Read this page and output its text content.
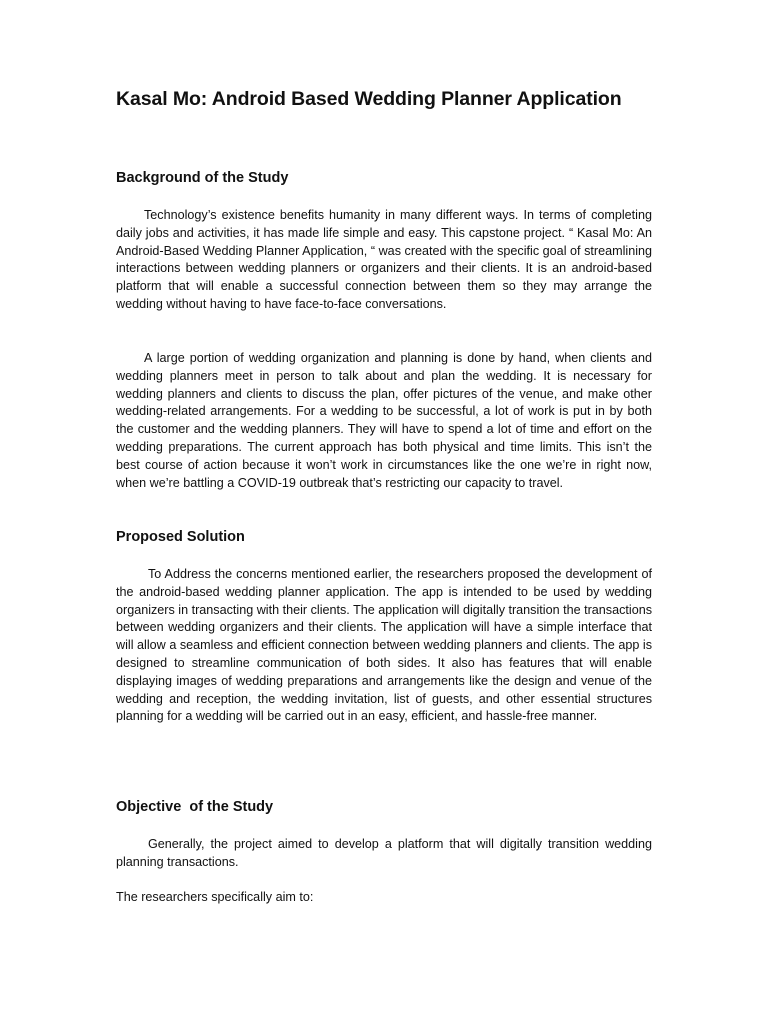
Kasal Mo: Android Based Wedding Planner Application
Background of the Study

Technology’s existence benefits humanity in many different ways. In terms of completing daily jobs and activities, it has made life simple and easy. This capstone project. “ Kasal Mo: An Android-Based Wedding Planner Application, “ was created with the specific goal of streamlining interactions between wedding planners or organizers and their clients. It is an android-based platform that will enable a successful connection between them so they may arrange the wedding without having to have face-to-face conversations.

A large portion of wedding organization and planning is done by hand, when clients and wedding planners meet in person to talk about and plan the wedding. It is necessary for wedding planners and clients to discuss the plan, offer pictures of the venue, and make other wedding-related arrangements. For a wedding to be successful, a lot of work is put in by both the customer and the wedding planners. They will have to spend a lot of time and effort on the wedding preparations. The current approach has both physical and time limits. This isn’t the best course of action because it won’t work in circumstances like the one we’re in right now, when we’re battling a COVID-19 outbreak that’s restricting our capacity to travel.

Proposed Solution

To Address the concerns mentioned earlier, the researchers proposed the development of the android-based wedding planner application. The app is intended to be used by wedding organizers in transacting with their clients. The application will digitally transition the transactions between wedding organizers and their clients. The application will have a simple interface that will allow a seamless and efficient connection between wedding planners and clients. The app is designed to streamline communication of both sides. It also has features that will enable displaying images of wedding preparations and arrangements like the design and venue of the wedding and reception, the wedding invitation, list of guests, and other essential structures planning for a wedding will be carried out in an easy, efficient, and hassle-free manner.

Objective  of the Study

Generally, the project aimed to develop a platform that will digitally transition wedding planning transactions.

The researchers specifically aim to:
